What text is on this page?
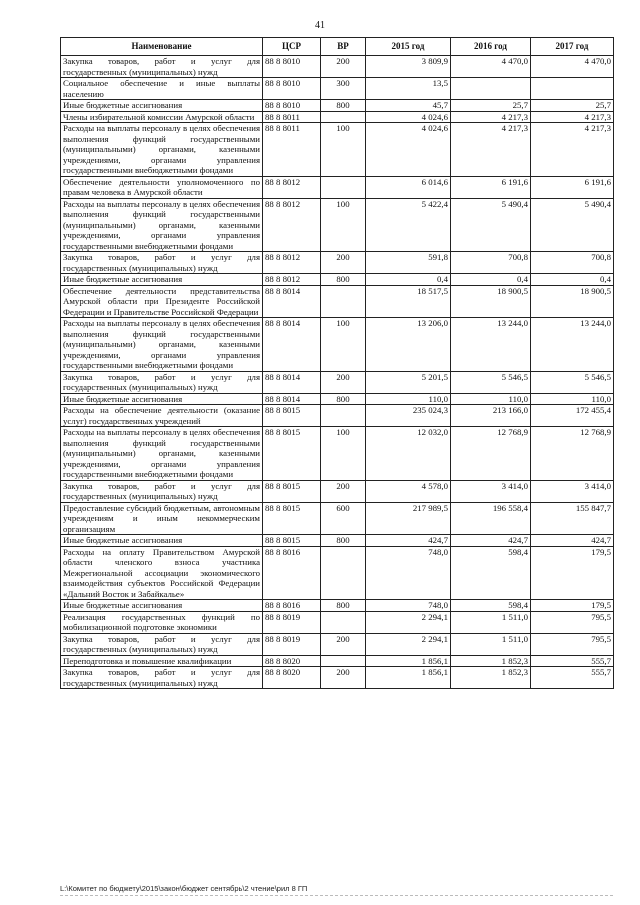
41
Наименование	ЦСР	ВР	2015 год	2016 год	2017 год
Закупка товаров, работ и услуг для государственных (муниципальных) нужд	88 8 8010	200	3 809,9	4 470,0	4 470,0
Социальное обеспечение и иные выплаты населению	88 8 8010	300	13,5		
Иные бюджетные ассигнования	88 8 8010	800	45,7	25,7	25,7
Члены избирательной комиссии Амурской области	88 8 8011		4 024,6	4 217,3	4 217,3
Расходы на выплаты персоналу в целях обеспечения выполнения функций государственными (муниципальными) органами, казенными учреждениями, органами управления государственными внебюджетными фондами	88 8 8011	100	4 024,6	4 217,3	4 217,3
Обеспечение деятельности уполномоченного по правам человека в Амурской области	88 8 8012		6 014,6	6 191,6	6 191,6
Расходы на выплаты персоналу в целях обеспечения выполнения функций государственными (муниципальными) органами, казенными учреждениями, органами управления государственными внебюджетными фондами	88 8 8012	100	5 422,4	5 490,4	5 490,4
Закупка товаров, работ и услуг для государственных (муниципальных) нужд	88 8 8012	200	591,8	700,8	700,8
Иные бюджетные ассигнования	88 8 8012	800	0,4	0,4	0,4
Обеспечение деятельности представительства Амурской области при Президенте Российской Федерации и Правительстве Российской Федерации	88 8 8014		18 517,5	18 900,5	18 900,5
Расходы на выплаты персоналу в целях обеспечения выполнения функций государственными (муниципальными) органами, казенными учреждениями, органами управления государственными внебюджетными фондами	88 8 8014	100	13 206,0	13 244,0	13 244,0
Закупка товаров, работ и услуг для государственных (муниципальных) нужд	88 8 8014	200	5 201,5	5 546,5	5 546,5
Иные бюджетные ассигнования	88 8 8014	800	110,0	110,0	110,0
Расходы на обеспечение деятельности (оказание услуг) государственных учреждений	88 8 8015		235 024,3	213 166,0	172 455,4
Расходы на выплаты персоналу в целях обеспечения выполнения функций государственными (муниципальными) органами, казенными учреждениями, органами управления государственными внебюджетными фондами	88 8 8015	100	12 032,0	12 768,9	12 768,9
Закупка товаров, работ и услуг для государственных (муниципальных) нужд	88 8 8015	200	4 578,0	3 414,0	3 414,0
Предоставление субсидий бюджетным, автономным учреждениям и иным некоммерческим организациям	88 8 8015	600	217 989,5	196 558,4	155 847,7
Иные бюджетные ассигнования	88 8 8015	800	424,7	424,7	424,7
Расходы на оплату Правительством Амурской области членского взноса участника Межрегиональной ассоциации экономического взаимодействия субъектов Российской Федерации «Дальний Восток и Забайкалье»	88 8 8016		748,0	598,4	179,5
Иные бюджетные ассигнования	88 8 8016	800	748,0	598,4	179,5
Реализация государственных функций по мобилизационной подготовке экономики	88 8 8019		2 294,1	1 511,0	795,5
Закупка товаров, работ и услуг для государственных (муниципальных) нужд	88 8 8019	200	2 294,1	1 511,0	795,5
Переподготовка и повышение квалификации	88 8 8020		1 856,1	1 852,3	555,7
Закупка товаров, работ и услуг для государственных (муниципальных) нужд	88 8 8020	200	1 856,1	1 852,3	555,7
L:\Комитет по бюджету\2015\закон\бюджет сентябрь\2 чтение\рил 8 ГП
